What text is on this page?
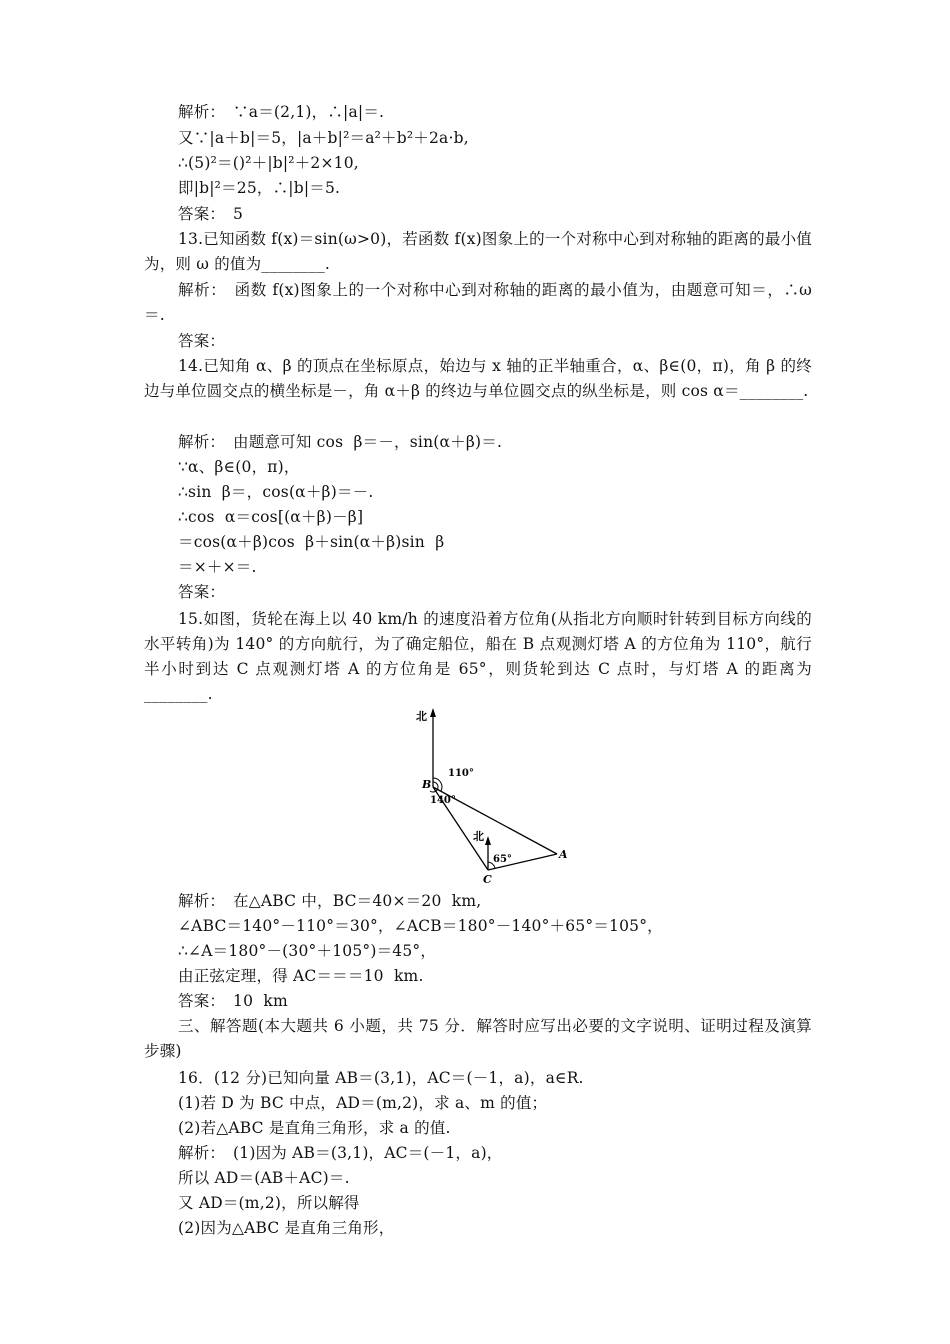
解析：　∵a＝(2,1)，∴|a|＝.
又∵|a＋b|＝5，|a＋b|²＝a²＋b²＋2a·b,
∴(5)²＝()²＋|b|²＋2×10,
即|b|²＝25，∴|b|＝5.
答案：　5
13.已知函数 f(x)＝sin(ω>0)，若函数 f(x)图象上的一个对称中心到对称轴的距离的最小值为，则 ω 的值为________.
解析：　函数 f(x)图象上的一个对称中心到对称轴的距离的最小值为，由题意可知＝，∴ω＝.
答案：
14.已知角 α、β 的顶点在坐标原点，始边与 x 轴的正半轴重合，α、β∈(0，π)，角 β 的终边与单位圆交点的横坐标是－，角 α＋β 的终边与单位圆交点的纵坐标是，则 cos α＝________.
解析：　由题意可知 cos  β＝－，sin(α＋β)＝.
∵α、β∈(0，π)，
∴sin  β＝，cos(α＋β)＝－.
∴cos  α＝cos[(α＋β)－β]
＝cos(α＋β)cos  β＋sin(α＋β)sin  β
＝×＋×＝.
答案：
15.如图，货轮在海上以 40 km/h 的速度沿着方位角(从指北方向顺时针转到目标方向线的水平转角)为 140° 的方向航行，为了确定船位，船在 B 点观测灯塔 A 的方位角为 110°，航行半小时到达 C 点观测灯塔 A 的方位角是 65°，则货轮到达 C 点时，与灯塔 A 的距离为________.
北
110°
140°
B
北
65°
C
A
解析：　在△ABC 中，BC＝40×＝20  km,
∠ABC＝140°－110°＝30°，∠ACB＝180°－140°＋65°＝105°，
∴∠A＝180°－(30°＋105°)＝45°，
由正弦定理，得 AC＝＝＝10  km.
答案：　10  km
三、解答题(本大题共 6 小题，共 75 分．解答时应写出必要的文字说明、证明过程及演算步骤)
16．(12 分)已知向量 AB＝(3,1)，AC＝(－1，a)，a∈R.
(1)若 D 为 BC 中点，AD＝(m,2)，求 a、m 的值；
(2)若△ABC 是直角三角形，求 a 的值.
解析：　(1)因为 AB＝(3,1)，AC＝(－1，a)，
所以 AD＝(AB＋AC)＝.
又 AD＝(m,2)，所以解得
(2)因为△ABC 是直角三角形，
